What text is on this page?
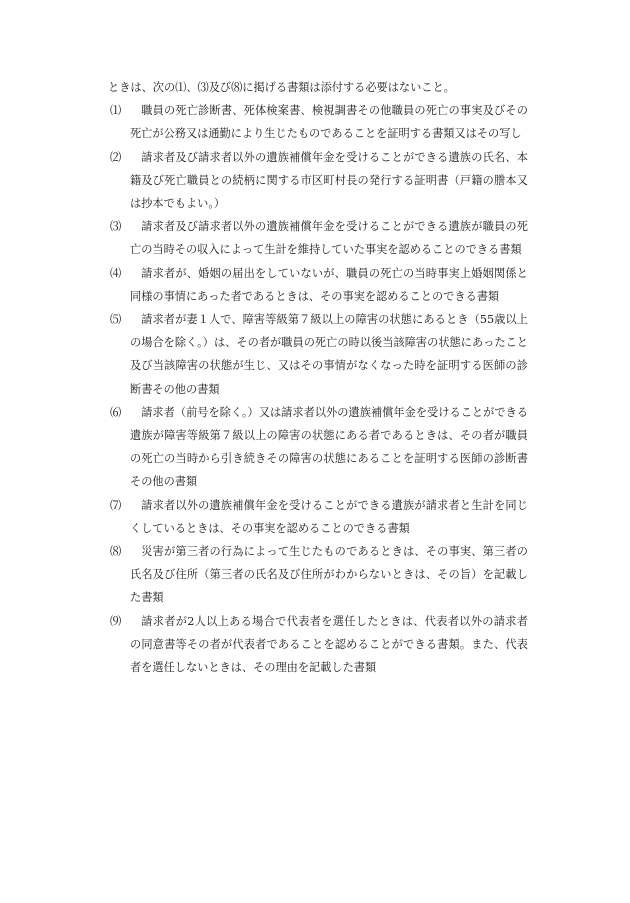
ときは、次の⑴、⑶及び⑻に掲げる書類は添付する必要はないこと。

⑴	職員の死亡診断書、死体検案書、検視調書その他職員の死亡の事実及びその死亡が公務又は通勤により生じたものであることを証明する書類又はその写し
⑵	請求者及び請求者以外の遺族補償年金を受けることができる遺族の氏名、本籍及び死亡職員との続柄に関する市区町村長の発行する証明書（戸籍の謄本又は抄本でもよい。）
⑶	請求者及び請求者以外の遺族補償年金を受けることができる遺族が職員の死亡の当時その収入によって生計を維持していた事実を認めることのできる書類
⑷	請求者が、婚姻の届出をしていないが、職員の死亡の当時事実上婚姻関係と同様の事情にあった者であるときは、その事実を認めることのできる書類
⑸	請求者が妻１人で、障害等級第７級以上の障害の状態にあるとき（55歳以上の場合を除く。）は、その者が職員の死亡の時以後当該障害の状態にあったこと及び当該障害の状態が生じ、又はその事情がなくなった時を証明する医師の診断書その他の書類
⑹	請求者（前号を除く。）又は請求者以外の遺族補償年金を受けることができる遺族が障害等級第７級以上の障害の状態にある者であるときは、その者が職員の死亡の当時から引き続きその障害の状態にあることを証明する医師の診断書その他の書類
⑺	請求者以外の遺族補償年金を受けることができる遺族が請求者と生計を同じくしているときは、その事実を認めることのできる書類
⑻	災害が第三者の行為によって生じたものであるときは、その事実、第三者の氏名及び住所（第三者の氏名及び住所がわからないときは、その旨）を記載した書類
⑼	請求者が2人以上ある場合で代表者を選任したときは、代表者以外の請求者の同意書等その者が代表者であることを認めることができる書類。また、代表者を選任しないときは、その理由を記載した書類
